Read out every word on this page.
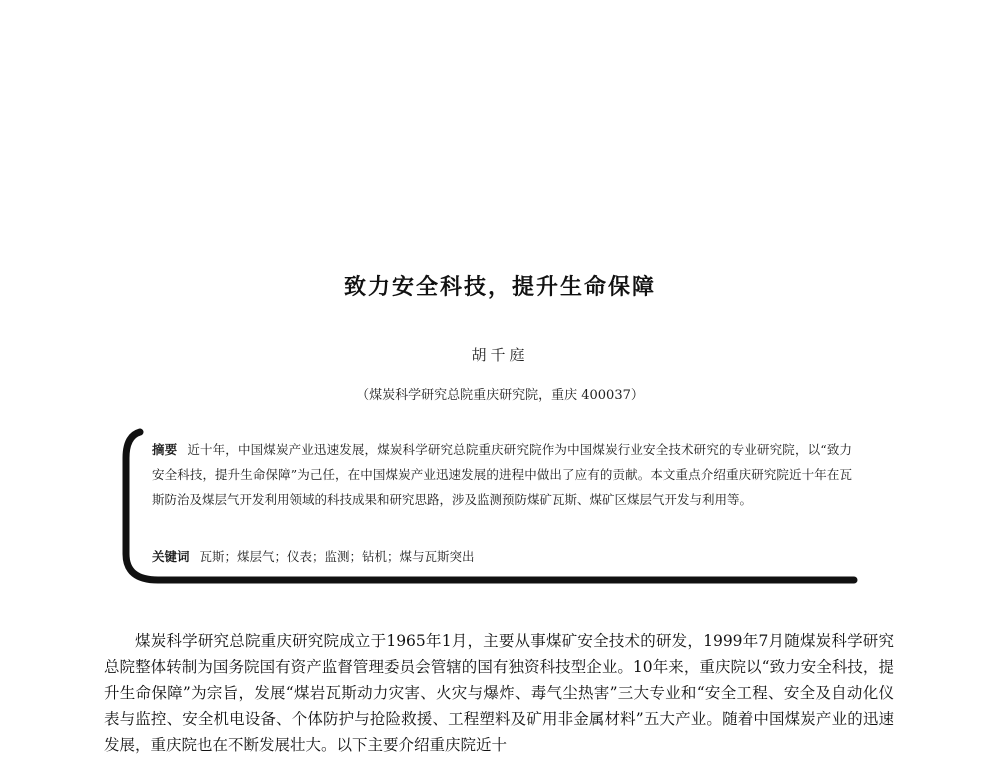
致力安全科技，提升生命保障
胡千庭
（煤炭科学研究总院重庆研究院，重庆 400037）
摘要 近十年，中国煤炭产业迅速发展，煤炭科学研究总院重庆研究院作为中国煤炭行业安全技术研究的专业研究院，以“致力安全科技，提升生命保障”为己任，在中国煤炭产业迅速发展的进程中做出了应有的贡献。本文重点介绍重庆研究院近十年在瓦斯防治及煤层气开发利用领域的科技成果和研究思路，涉及监测预防煤矿瓦斯、煤矿区煤层气开发与利用等。
关键词 瓦斯；煤层气；仪表；监测；钻机；煤与瓦斯突出

煤炭科学研究总院重庆研究院成立于1965年1月，主要从事煤矿安全技术的研发，1999年7月随煤炭科学研究总院整体转制为国务院国有资产监督管理委员会管辖的国有独资科技型企业。10年来，重庆院以“致力安全科技，提升生命保障”为宗旨，发展“煤岩瓦斯动力灾害、火灾与爆炸、毒气尘热害”三大专业和“安全工程、安全及自动化仪表与监控、安全机电设备、个体防护与抢险救援、工程塑料及矿用非金属材料”五大产业。随着中国煤炭产业的迅速发展，重庆院也在不断发展壮大。以下主要介绍重庆院近十
